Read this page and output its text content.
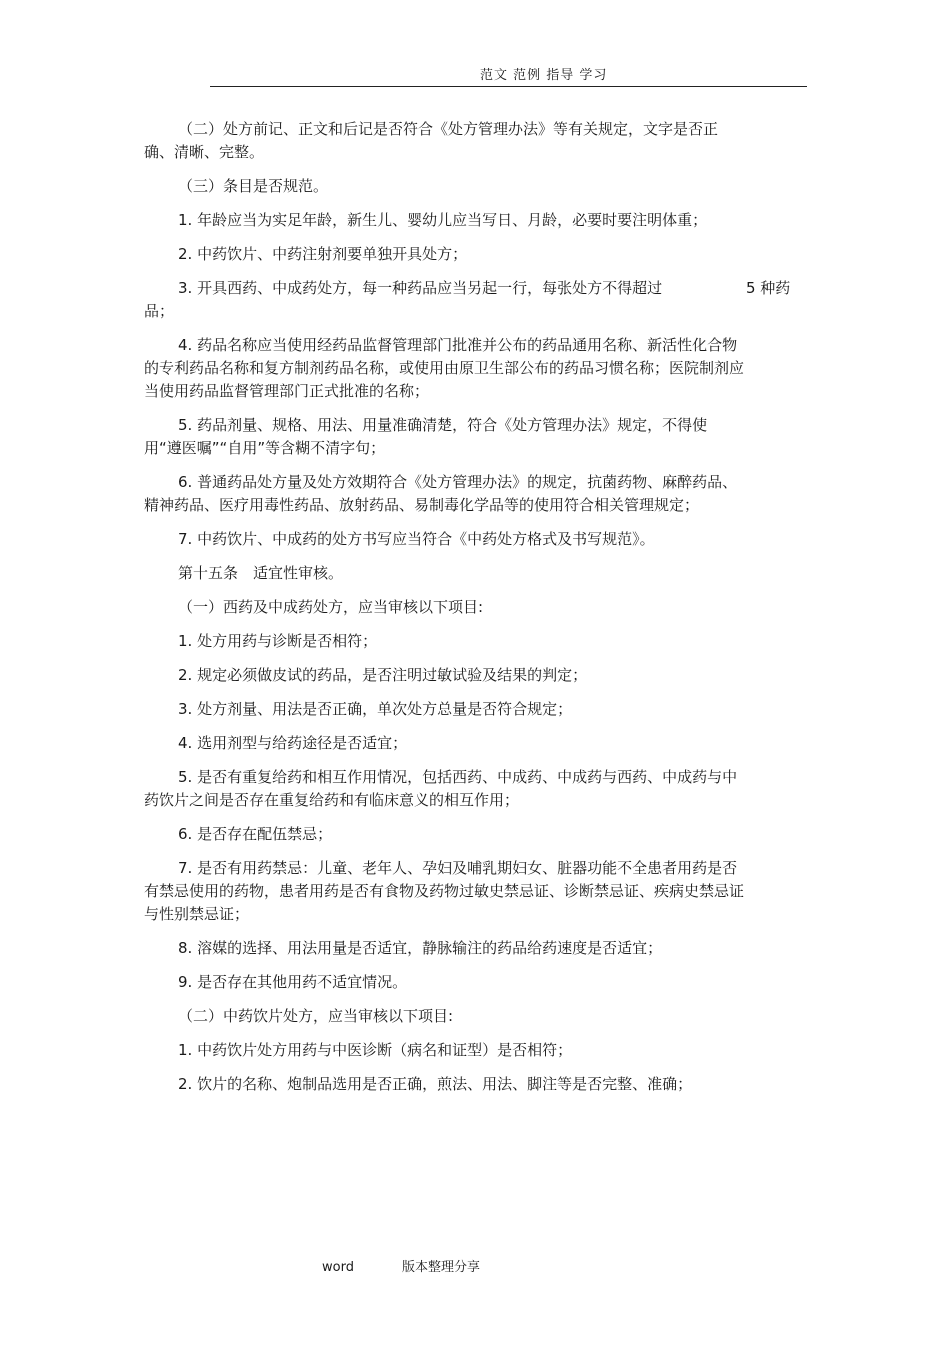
范文 范例 指导 学习

（二）处方前记、正文和后记是否符合《处方管理办法》等有关规定，文字是否正确、清晰、完整。

（三）条目是否规范。

1. 年龄应当为实足年龄，新生儿、婴幼儿应当写日、月龄，必要时要注明体重；

2. 中药饮片、中药注射剂要单独开具处方；

3. 开具西药、中成药处方，每一种药品应当另起一行，每张处方不得超过	5 种药

品；

4. 药品名称应当使用经药品监督管理部门批准并公布的药品通用名称、新活性化合物的专利药品名称和复方制剂药品名称，或使用由原卫生部公布的药品习惯名称；医院制剂应当使用药品监督管理部门正式批准的名称；

5. 药品剂量、规格、用法、用量准确清楚，符合《处方管理办法》规定，不得使用“遵医嘱”“自用”等含糊不清字句；

6. 普通药品处方量及处方效期符合《处方管理办法》的规定，抗菌药物、麻醉药品、精神药品、医疗用毒性药品、放射药品、易制毒化学品等的使用符合相关管理规定；

7. 中药饮片、中成药的处方书写应当符合《中药处方格式及书写规范》。

第十五条　适宜性审核。

（一）西药及中成药处方，应当审核以下项目:

1. 处方用药与诊断是否相符；

2. 规定必须做皮试的药品，是否注明过敏试验及结果的判定；

3. 处方剂量、用法是否正确，单次处方总量是否符合规定；

4. 选用剂型与给药途径是否适宜；

5. 是否有重复给药和相互作用情况，包括西药、中成药、中成药与西药、中成药与中药饮片之间是否存在重复给药和有临床意义的相互作用；

6. 是否存在配伍禁忌；

7. 是否有用药禁忌：儿童、老年人、孕妇及哺乳期妇女、脏器功能不全患者用药是否有禁忌使用的药物，患者用药是否有食物及药物过敏史禁忌证、诊断禁忌证、疾病史禁忌证与性别禁忌证；

8. 溶媒的选择、用法用量是否适宜，静脉输注的药品给药速度是否适宜；

9. 是否存在其他用药不适宜情况。

（二）中药饮片处方，应当审核以下项目:

1. 中药饮片处方用药与中医诊断（病名和证型）是否相符；

2. 饮片的名称、炮制品选用是否正确，煎法、用法、脚注等是否完整、准确；

word	版本整理分享
